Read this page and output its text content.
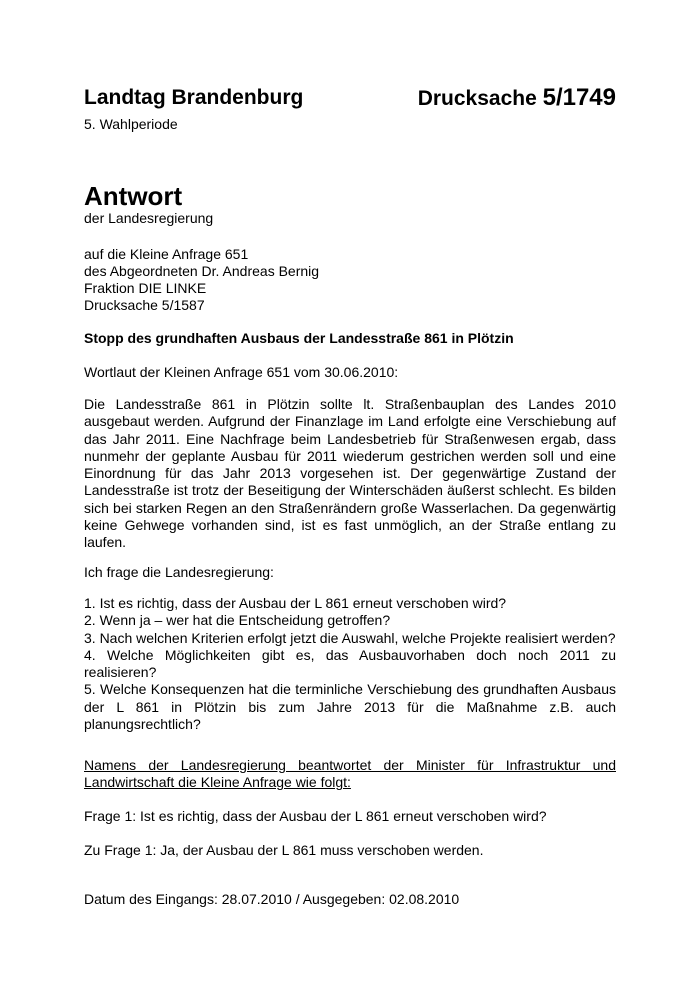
Landtag Brandenburg	Drucksache 5/1749
5. Wahlperiode
Antwort
der Landesregierung
auf die Kleine Anfrage 651
des Abgeordneten Dr. Andreas Bernig
Fraktion DIE LINKE
Drucksache 5/1587
Stopp des grundhaften Ausbaus der Landesstraße 861 in Plötzin
Wortlaut der Kleinen Anfrage 651 vom 30.06.2010:
Die Landesstraße 861 in Plötzin sollte lt. Straßenbauplan des Landes 2010 ausgebaut werden. Aufgrund der Finanzlage im Land erfolgte eine Verschiebung auf das Jahr 2011. Eine Nachfrage beim Landesbetrieb für Straßenwesen ergab, dass nunmehr der geplante Ausbau für 2011 wiederum gestrichen werden soll und eine Einordnung für das Jahr 2013 vorgesehen ist. Der gegenwärtige Zustand der Landesstraße ist trotz der Beseitigung der Winterschäden äußerst schlecht. Es bilden sich bei starken Regen an den Straßenrändern große Wasserlachen. Da gegenwärtig keine Gehwege vorhanden sind, ist es fast unmöglich, an der Straße entlang zu laufen.
Ich frage die Landesregierung:
1. Ist es richtig, dass der Ausbau der L 861 erneut verschoben wird?
2. Wenn ja – wer hat die Entscheidung getroffen?
3. Nach welchen Kriterien erfolgt jetzt die Auswahl, welche Projekte realisiert werden?
4. Welche Möglichkeiten gibt es, das Ausbauvorhaben doch noch 2011 zu realisieren?
5. Welche Konsequenzen hat die terminliche Verschiebung des grundhaften Ausbaus der L 861 in Plötzin bis zum Jahre 2013 für die Maßnahme z.B. auch planungsrechtlich?
Namens der Landesregierung beantwortet der Minister für Infrastruktur und Landwirtschaft die Kleine Anfrage wie folgt:
Frage 1: Ist es richtig, dass der Ausbau der L 861 erneut verschoben wird?
Zu Frage 1: Ja, der Ausbau der L 861 muss verschoben werden.
Datum des Eingangs: 28.07.2010 / Ausgegeben: 02.08.2010
